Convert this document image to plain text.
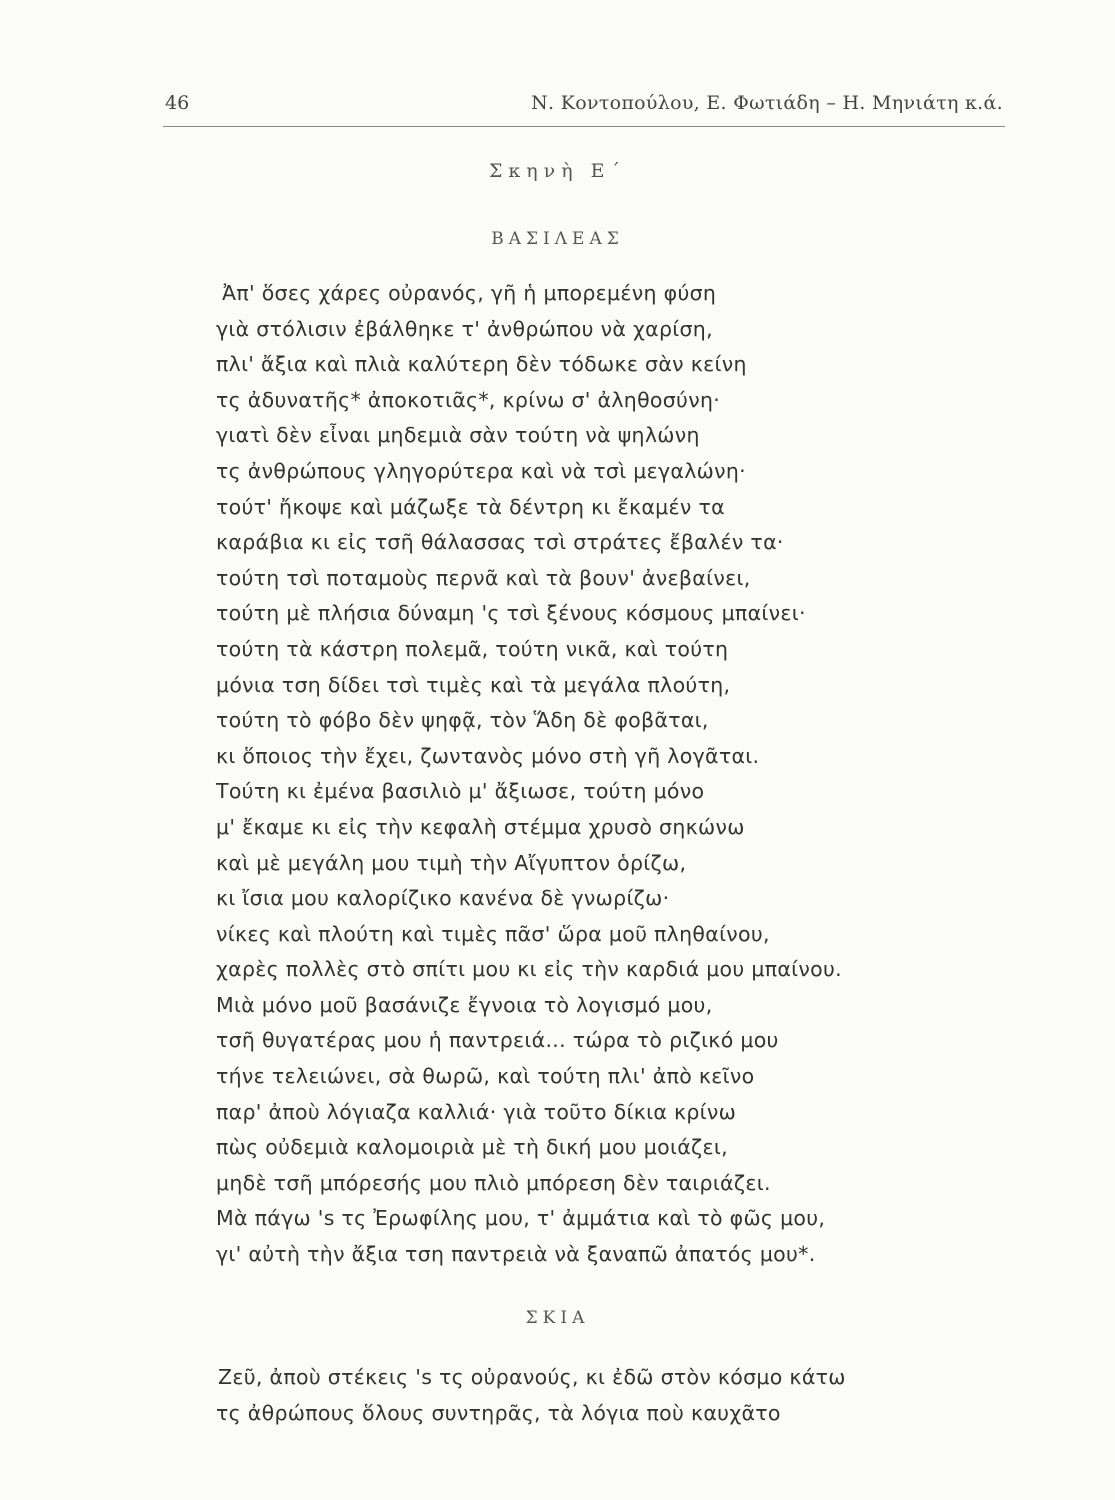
46	Ν. Κοντοπούλου, Ε. Φωτιάδη – Η. Μηνιάτη κ.ά.
Σκηνὴ Ε΄
ΒΑΣΙΛΕΑΣ
Ἀπ' ὅσες χάρες οὐρανός, γῆ ἡ μπορεμένη φύση
γιὰ στόλισιν ἐβάλθηκε τ' ἀνθρώπου νὰ χαρίση,
πλι' ἄξια καὶ πλιὰ καλύτερη δὲν τόδωκε σὰν κείνη
τς ἀδυνατῆς* ἀποκοτιᾶς*, κρίνω σ' ἀληθοσύνη·
γιατὶ δὲν εἶναι μηδεμιὰ σὰν τούτη νὰ ψηλώνη
τς ἀνθρώπους γληγορύτερα καὶ νὰ τσὶ μεγαλώνη·
τούτ' ἤκοψε καὶ μάζωξε τὰ δέντρη κι ἔκαμέν τα
καράβια κι εἰς τσῆ θάλασσας τσὶ στράτες ἔβαλέν τα·
τούτη τσὶ ποταμοὺς περνᾶ καὶ τὰ βουν' ἀνεβαίνει,
τούτη μὲ πλήσια δύναμη 'ς τσὶ ξένους κόσμους μπαίνει·
τούτη τὰ κάστρη πολεμᾶ, τούτη νικᾶ, καὶ τούτη
μόνια τση δίδει τσὶ τιμὲς καὶ τὰ μεγάλα πλούτη,
τούτη τὸ φόβο δὲν ψηφᾷ, τὸν Ἅδη δὲ φοβᾶται,
κι ὅποιος τὴν ἔχει, ζωντανὸς μόνο στὴ γῆ λογᾶται.
Τούτη κι ἐμένα βασιλιὸ μ' ἄξιωσε, τούτη μόνο
μ' ἔκαμε κι εἰς τὴν κεφαλὴ στέμμα χρυσὸ σηκώνω
καὶ μὲ μεγάλη μου τιμὴ τὴν Αἴγυπτον ὁρίζω,
κι ἴσια μου καλορίζικο κανένα δὲ γνωρίζω·
νίκες καὶ πλούτη καὶ τιμὲς πᾶσ' ὥρα μοῦ πληθαίνου,
χαρὲς πολλὲς στὸ σπίτι μου κι εἰς τὴν καρδιά μου μπαίνου.
Μιὰ μόνο μοῦ βασάνιζε ἔγνοια τὸ λογισμό μου,
τσῆ θυγατέρας μου ἡ παντρειά... τώρα τὸ ριζικό μου
τήνε τελειώνει, σὰ θωρῶ, καὶ τούτη πλι' ἀπὸ κεῖνο
παρ' ἀποὺ λόγιαζα καλλιά· γιὰ τοῦτο δίκια κρίνω
πὼς οὐδεμιὰ καλομοιριὰ μὲ τὴ δική μου μοιάζει,
μηδὲ τσῆ μπόρεσής μου πλιὸ μπόρεση δὲν ταιριάζει.
Μὰ πάγω 's τς Ἐρωφίλης μου, τ' ἀμμάτια καὶ τὸ φῶς μου,
γι' αὐτὴ τὴν ἄξια τση παντρειὰ νὰ ξαναπῶ ἀπατός μου*.
ΣΚΙΑ
Ζεῦ, ἀποὺ στέκεις 's τς οὐρανούς, κι ἐδῶ στὸν κόσμο κάτω
τς ἀθρώπους ὅλους συντηρᾶς, τὰ λόγια ποὺ καυχᾶτο
